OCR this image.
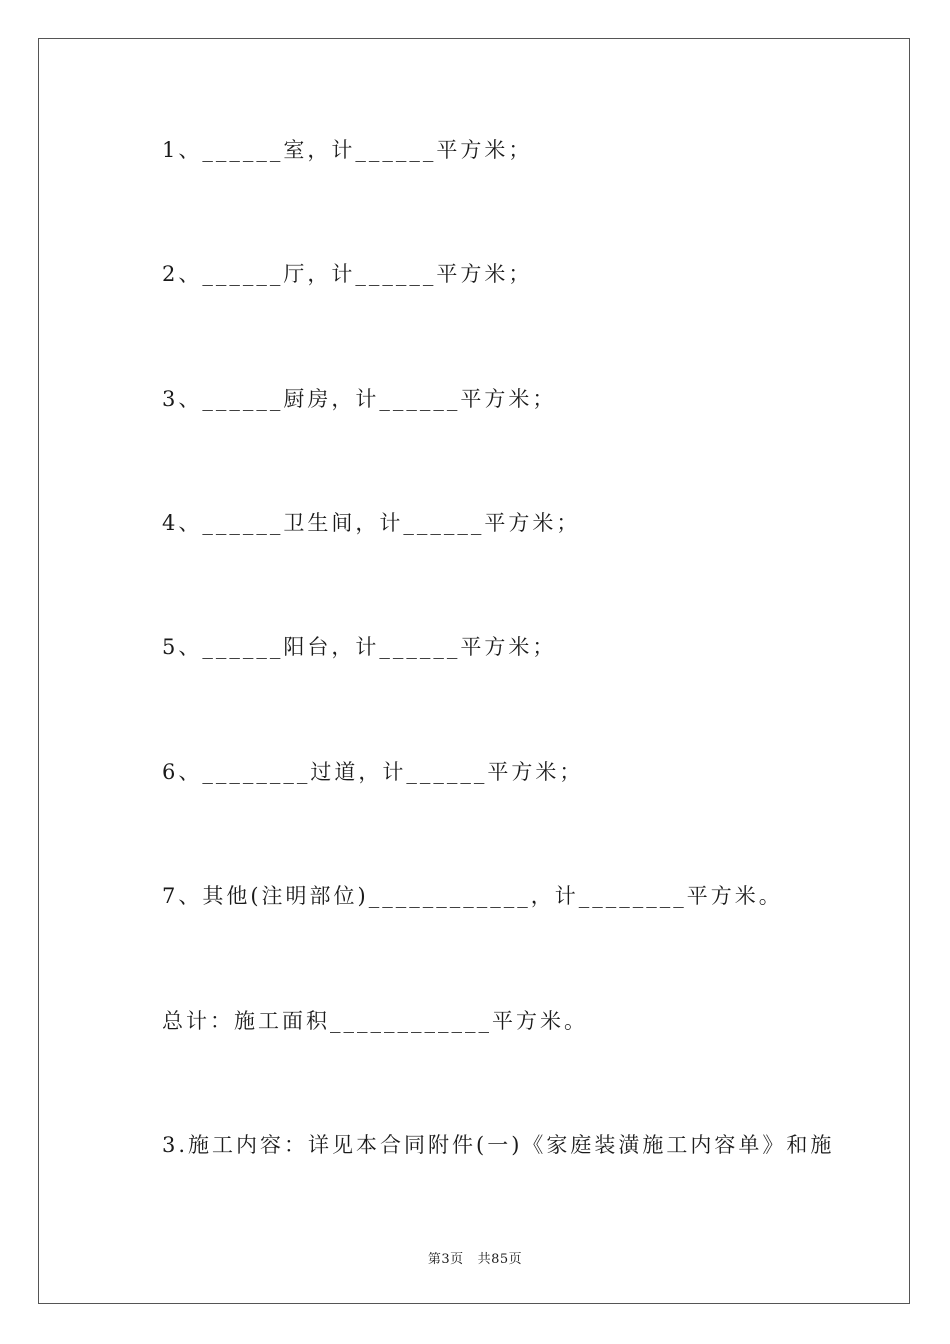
1、______室，计______平方米；
2、______厅，计______平方米；
3、______厨房，计______平方米；
4、______卫生间，计______平方米；
5、______阳台，计______平方米；
6、________过道，计______平方米；
7、其他(注明部位)____________，计________平方米。
总计：施工面积____________平方米。
3.施工内容：详见本合同附件(一)《家庭装潢施工内容单》和施
第3页 共85页
